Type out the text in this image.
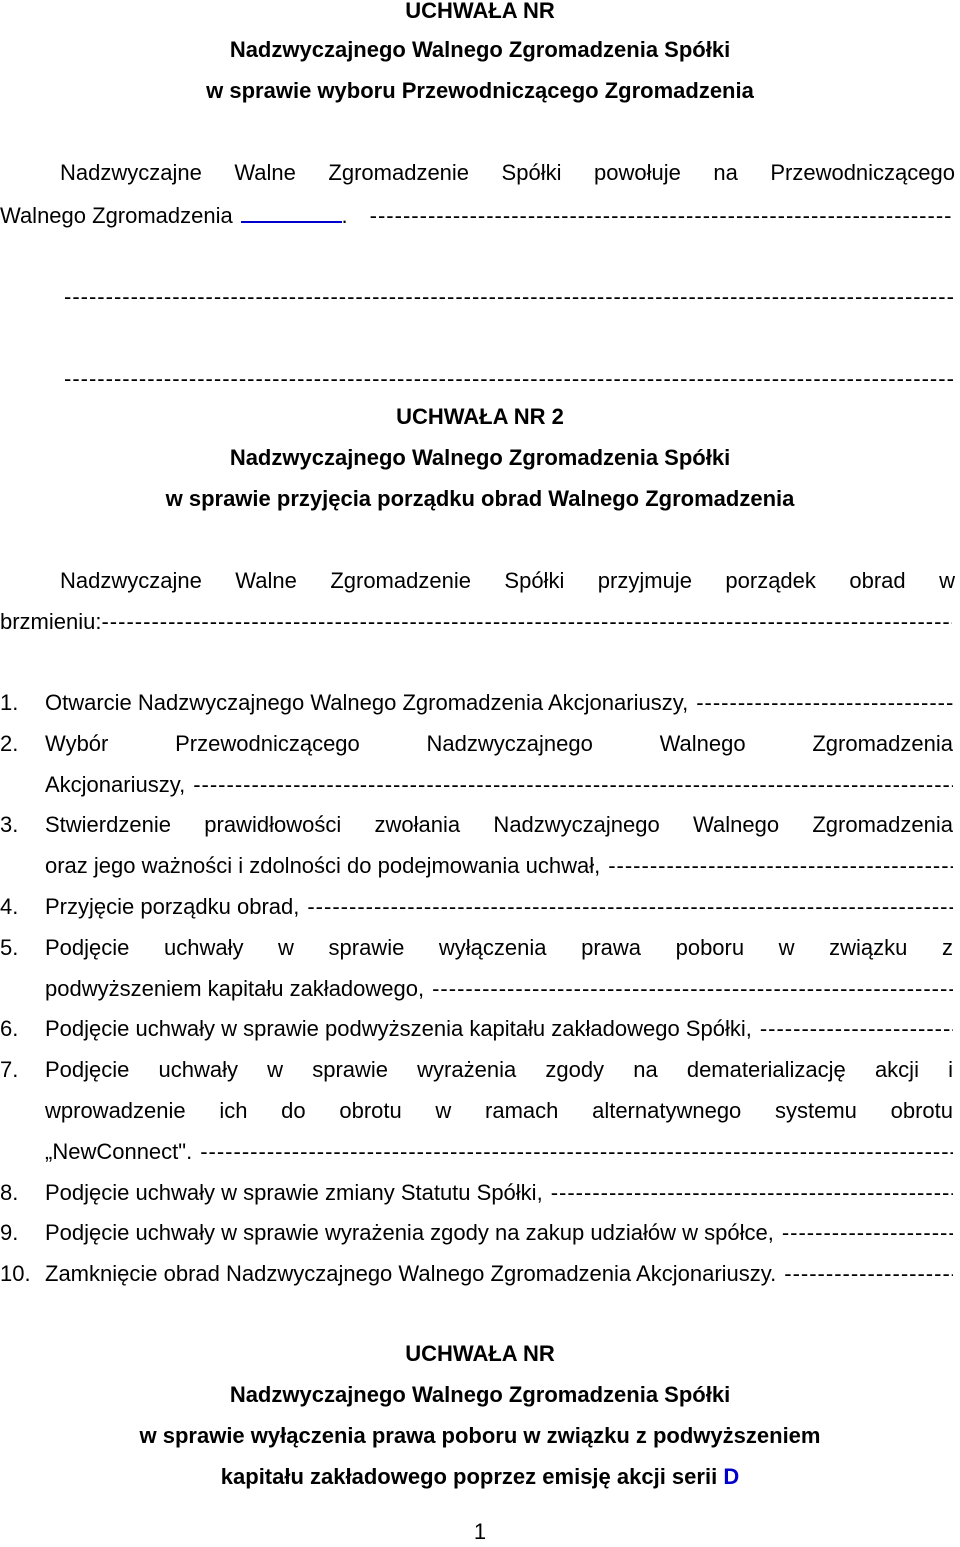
UCHWAŁA NR
Nadzwyczajnego Walnego Zgromadzenia Spółki
w sprawie wyboru Przewodniczącego Zgromadzenia
Nadzwyczajne Walne Zgromadzenie Spółki powołuje na Przewodniczącego
Walnego Zgromadzenia	.
-----
-----
-----
UCHWAŁA NR 2
Nadzwyczajnego Walnego Zgromadzenia Spółki
w sprawie przyjęcia porządku obrad Walnego Zgromadzenia
Nadzwyczajne Walne Zgromadzenie Spółki przyjmuje porządek obrad w
brzmieniu:
-----
1.	Otwarcie Nadzwyczajnego Walnego Zgromadzenia Akcjonariuszy,
-----
2.	Wybór Przewodniczącego Nadzwyczajnego Walnego Zgromadzenia
Akcjonariuszy,
-----
3.	Stwierdzenie prawidłowości zwołania Nadzwyczajnego Walnego Zgromadzenia
oraz jego ważności i zdolności do podejmowania uchwał,
-----
4.	Przyjęcie porządku obrad,
-----
5.	Podjęcie uchwały w sprawie wyłączenia prawa poboru w związku z
podwyższeniem kapitału zakładowego,
-----
6.	Podjęcie uchwały w sprawie podwyższenia kapitału zakładowego Spółki,
-----
7.	Podjęcie uchwały w sprawie wyrażenia zgody na dematerializację akcji i
wprowadzenie ich do obrotu w ramach alternatywnego systemu obrotu
„NewConnect".
-----
8.	Podjęcie uchwały w sprawie zmiany Statutu Spółki,
-----
9.	Podjęcie uchwały w sprawie wyrażenia zgody na zakup udziałów w spółce,
-----
10. Zamknięcie obrad Nadzwyczajnego Walnego Zgromadzenia Akcjonariuszy.
-----
UCHWAŁA NR
Nadzwyczajnego Walnego Zgromadzenia Spółki
w sprawie wyłączenia prawa poboru w związku z podwyższeniem
kapitału zakładowego poprzez emisję akcji serii D
1
